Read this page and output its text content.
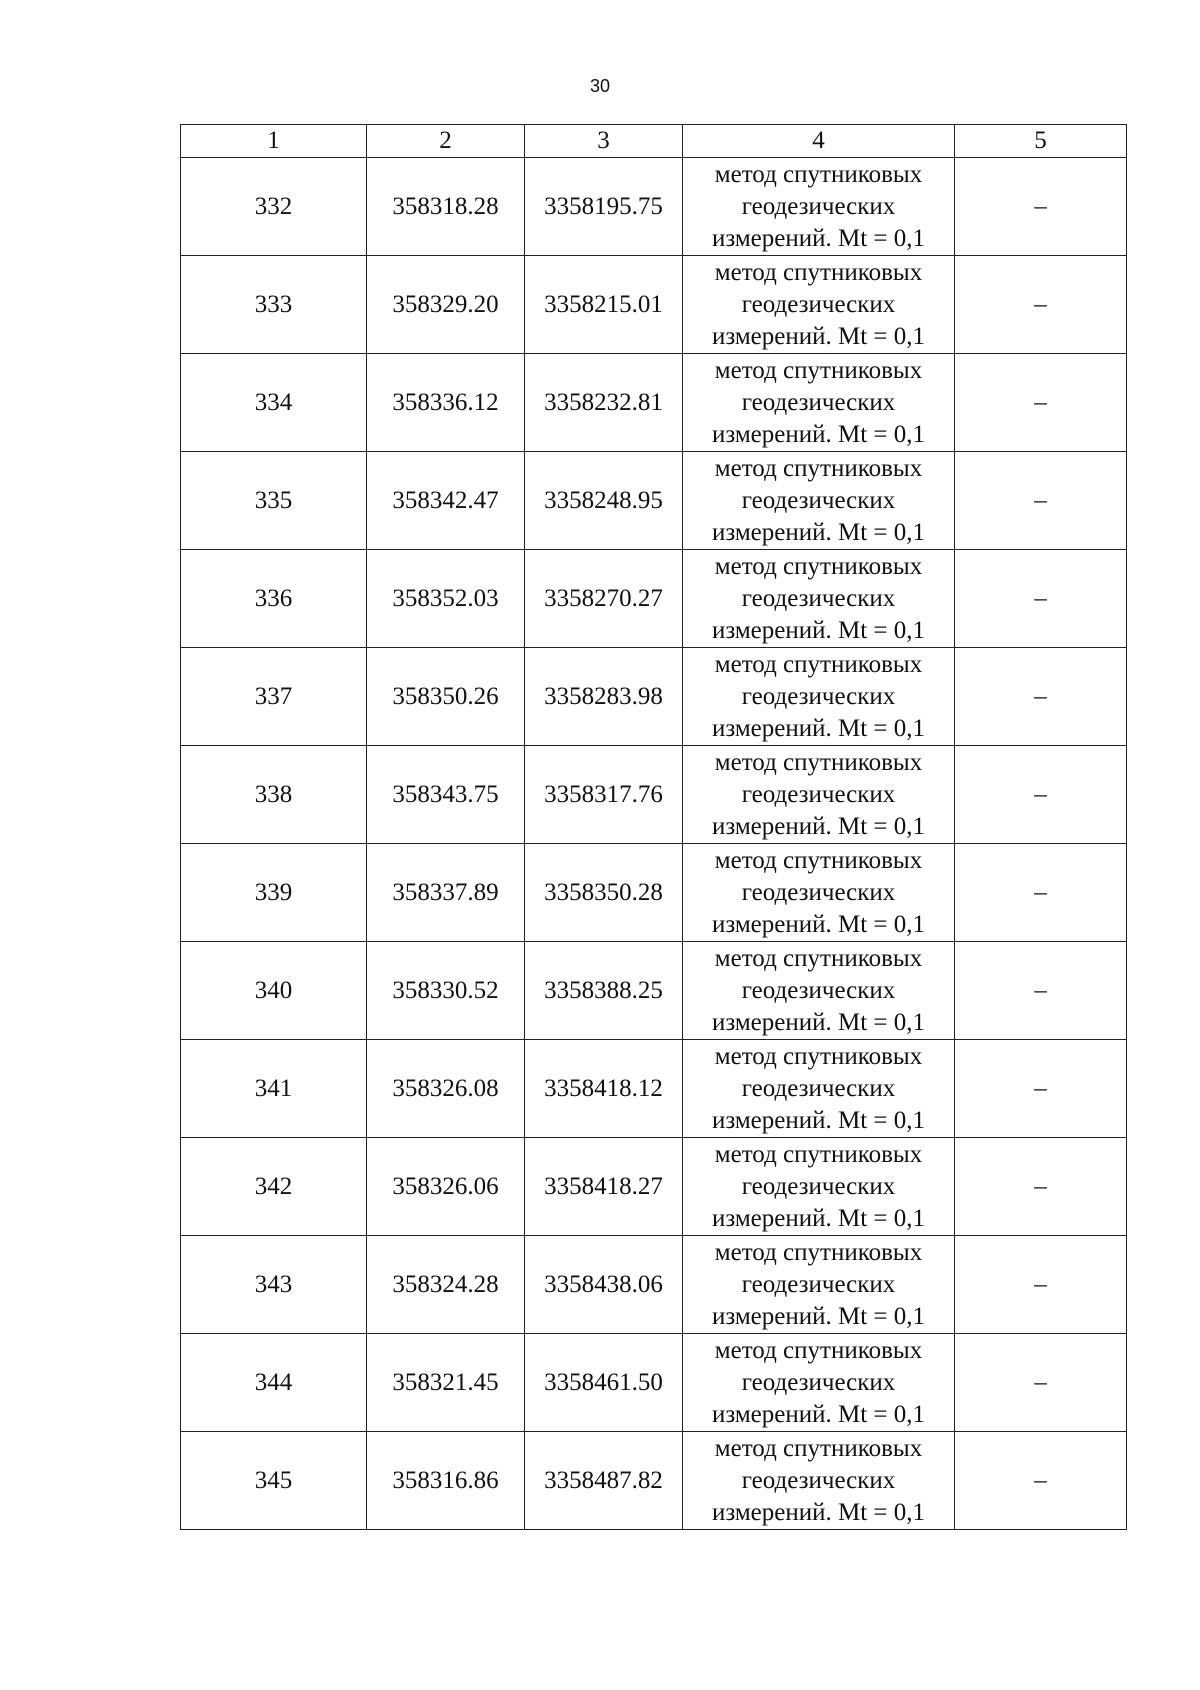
30
1	2	3	4	5
332	358318.28	3358195.75	метод спутниковых
геодезических
измерений. Mt = 0,1	–
333	358329.20	3358215.01	метод спутниковых
геодезических
измерений. Mt = 0,1	–
334	358336.12	3358232.81	метод спутниковых
геодезических
измерений. Mt = 0,1	–
335	358342.47	3358248.95	метод спутниковых
геодезических
измерений. Mt = 0,1	–
336	358352.03	3358270.27	метод спутниковых
геодезических
измерений. Mt = 0,1	–
337	358350.26	3358283.98	метод спутниковых
геодезических
измерений. Mt = 0,1	–
338	358343.75	3358317.76	метод спутниковых
геодезических
измерений. Mt = 0,1	–
339	358337.89	3358350.28	метод спутниковых
геодезических
измерений. Mt = 0,1	–
340	358330.52	3358388.25	метод спутниковых
геодезических
измерений. Mt = 0,1	–
341	358326.08	3358418.12	метод спутниковых
геодезических
измерений. Mt = 0,1	–
342	358326.06	3358418.27	метод спутниковых
геодезических
измерений. Mt = 0,1	–
343	358324.28	3358438.06	метод спутниковых
геодезических
измерений. Mt = 0,1	–
344	358321.45	3358461.50	метод спутниковых
геодезических
измерений. Mt = 0,1	–
345	358316.86	3358487.82	метод спутниковых
геодезических
измерений. Mt = 0,1	–
